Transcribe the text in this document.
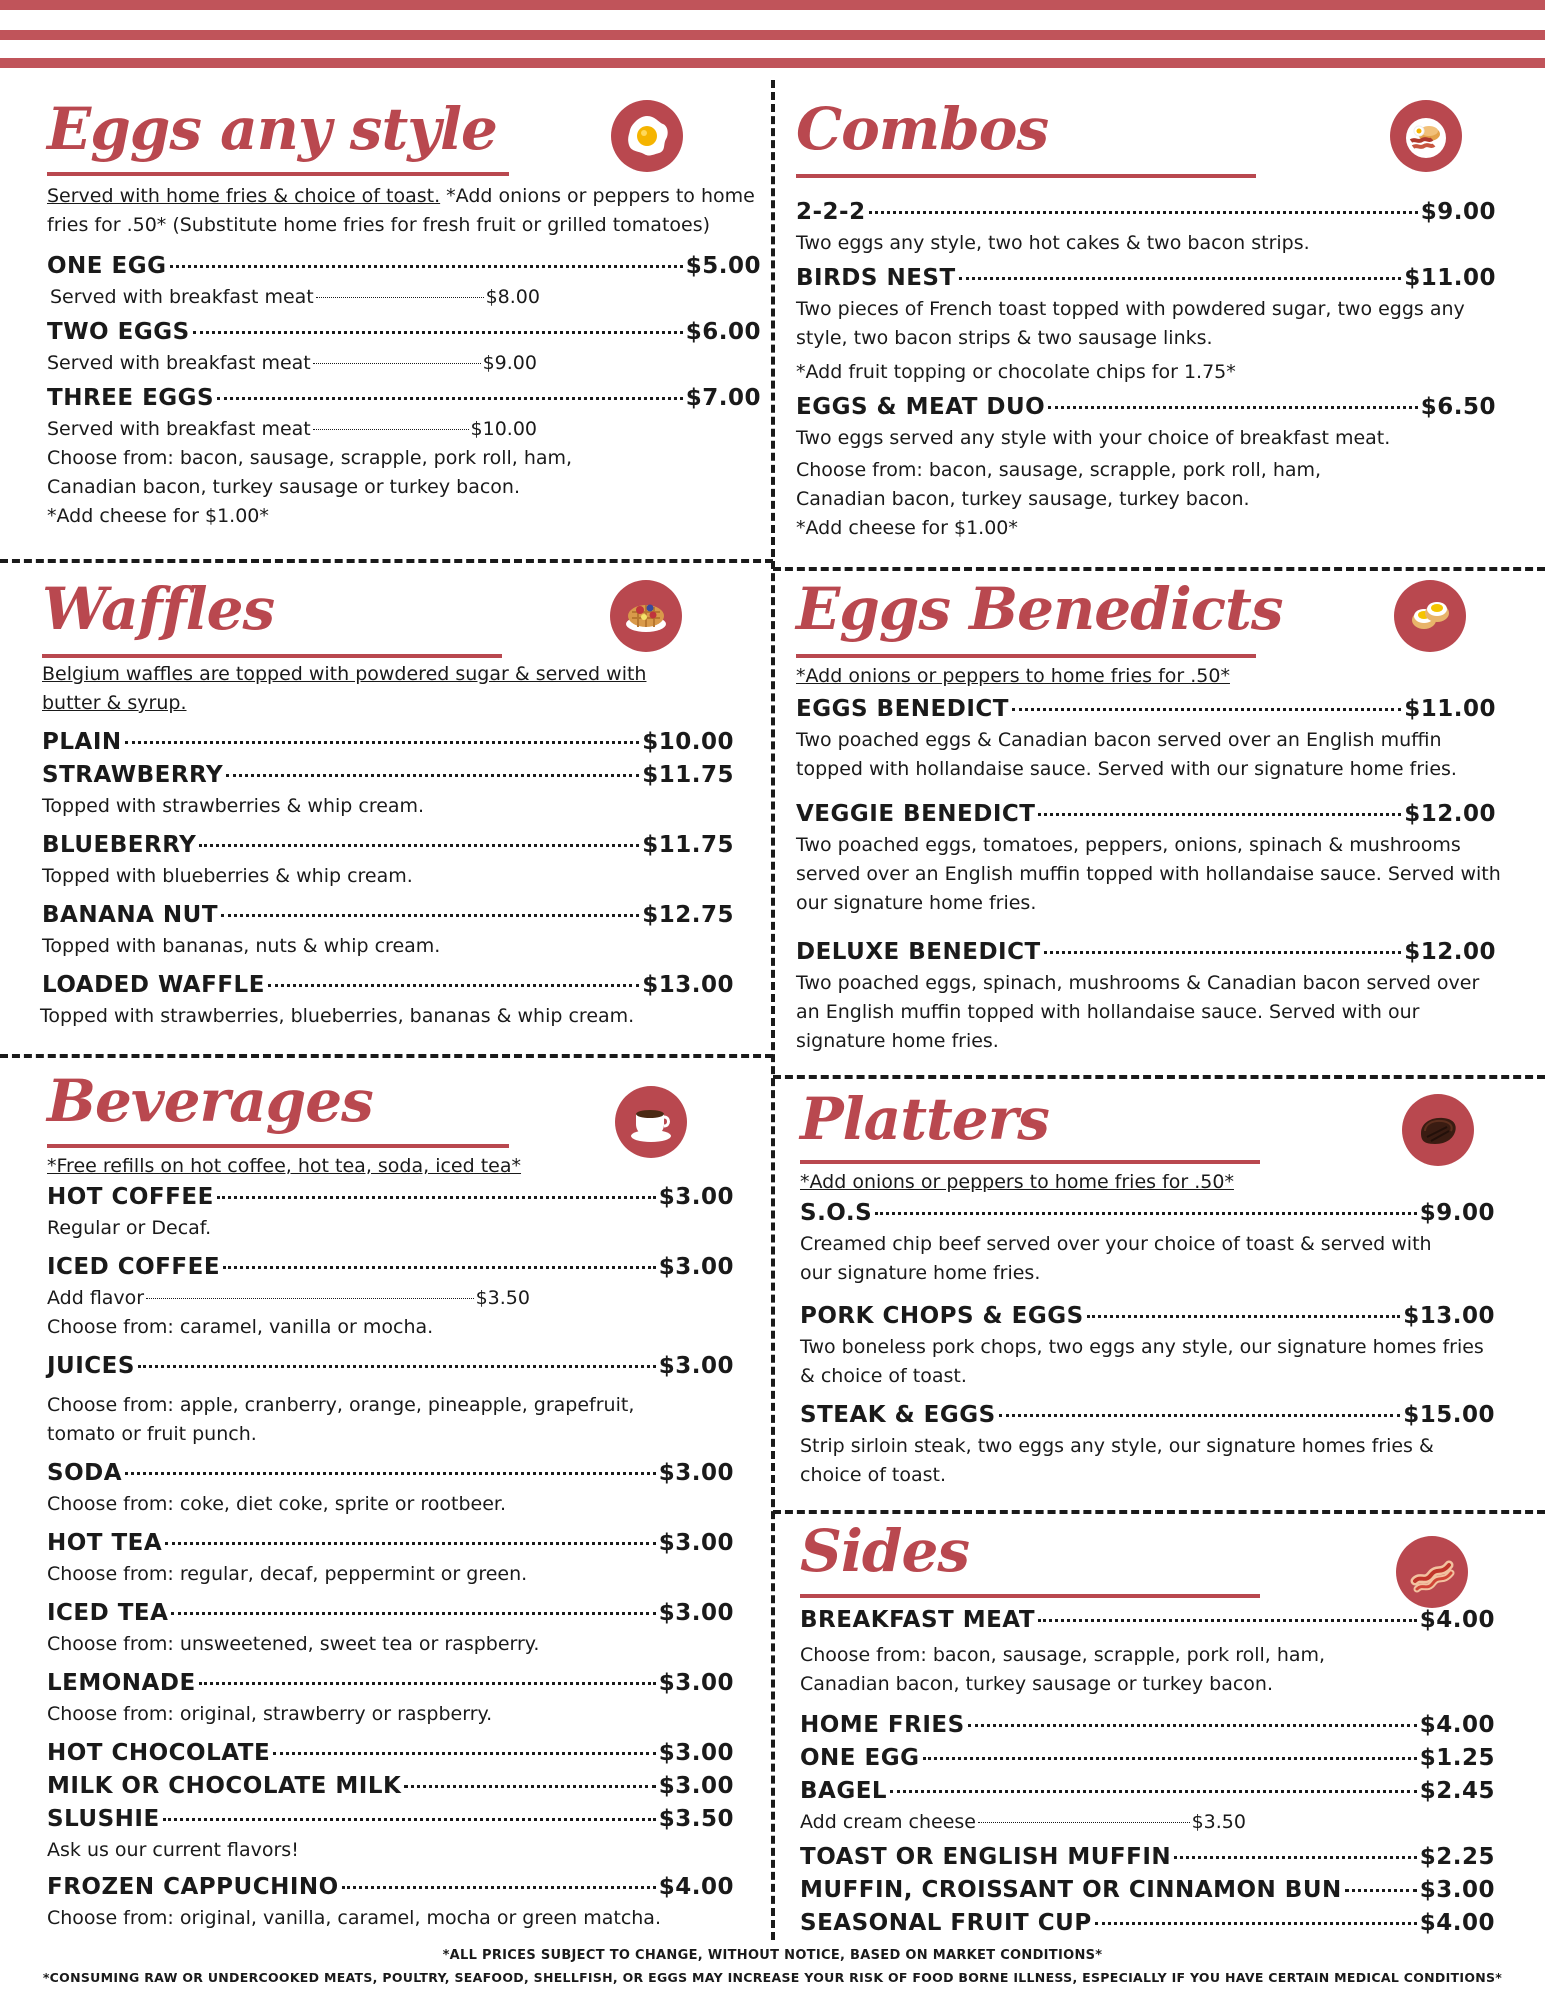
Eggs any style

Served with home fries & choice of toast. *Add onions or peppers to home fries for .50* (Substitute home fries for fresh fruit or grilled tomatoes)

ONE EGG	$5.00
Served with breakfast meat	$8.00
TWO EGGS	$6.00
Served with breakfast meat	$9.00
THREE EGGS	$7.00
Served with breakfast meat	$10.00

Choose from: bacon, sausage, scrapple, pork roll, ham, Canadian bacon, turkey sausage or turkey bacon.

*Add cheese for $1.00*

Combos
2-2-2	$9.00

Two eggs any style, two hot cakes & two bacon strips.

BIRDS NEST	$11.00

Two pieces of French toast topped with powdered sugar, two eggs any style, two bacon strips & two sausage links.

*Add fruit topping or chocolate chips for 1.75*

EGGS & MEAT DUO	$6.50

Two eggs served any style with your choice of breakfast meat.

Choose from: bacon, sausage, scrapple, pork roll, ham, Canadian bacon, turkey sausage, turkey bacon.

*Add cheese for $1.00*

Waffles

Belgium waffles are topped with powdered sugar & served with butter & syrup.

PLAIN	$10.00
STRAWBERRY	$11.75

Topped with strawberries & whip cream.

BLUEBERRY	$11.75

Topped with blueberries & whip cream.

BANANA NUT	$12.75

Topped with bananas, nuts & whip cream.

LOADED WAFFLE	$13.00

Topped with strawberries, blueberries, bananas & whip cream.

Eggs Benedicts

*Add onions or peppers to home fries for .50*

EGGS BENEDICT	$11.00

Two poached eggs & Canadian bacon served over an English muffin topped with hollandaise sauce. Served with our signature home fries.

VEGGIE BENEDICT	$12.00

Two poached eggs, tomatoes, peppers, onions, spinach & mushrooms served over an English muffin topped with hollandaise sauce. Served with our signature home fries.

DELUXE BENEDICT	$12.00

Two poached eggs, spinach, mushrooms & Canadian bacon served over an English muffin topped with hollandaise sauce. Served with our signature home fries.

Beverages

*Free refills on hot coffee, hot tea, soda, iced tea*

HOT COFFEE	$3.00

Regular or Decaf.

ICED COFFEE	$3.00
Add flavor	$3.50

Choose from: caramel, vanilla or mocha.

JUICES	$3.00

Choose from: apple, cranberry, orange, pineapple, grapefruit, tomato or fruit punch.

SODA	$3.00

Choose from: coke, diet coke, sprite or rootbeer.

HOT TEA	$3.00

Choose from: regular, decaf, peppermint or green.

ICED TEA	$3.00

Choose from: unsweetened, sweet tea or raspberry.

LEMONADE	$3.00

Choose from: original, strawberry or raspberry.

HOT CHOCOLATE	$3.00
MILK OR CHOCOLATE MILK	$3.00
SLUSHIE	$3.50

Ask us our current flavors!

FROZEN CAPPUCHINO	$4.00

Choose from: original, vanilla, caramel, mocha or green matcha.

Platters

*Add onions or peppers to home fries for .50*

S.O.S	$9.00

Creamed chip beef served over your choice of toast & served with our signature home fries.

PORK CHOPS & EGGS	$13.00

Two boneless pork chops, two eggs any style, our signature homes fries & choice of toast.

STEAK & EGGS	$15.00

Strip sirloin steak, two eggs any style, our signature homes fries & choice of toast.

Sides
BREAKFAST MEAT	$4.00

Choose from: bacon, sausage, scrapple, pork roll, ham, Canadian bacon, turkey sausage or turkey bacon.

HOME FRIES	$4.00
ONE EGG	$1.25
BAGEL	$2.45
Add cream cheese	$3.50
TOAST OR ENGLISH MUFFIN	$2.25
MUFFIN, CROISSANT OR CINNAMON BUN	$3.00
SEASONAL FRUIT CUP	$4.00
*ALL PRICES SUBJECT TO CHANGE, WITHOUT NOTICE, BASED ON MARKET CONDITIONS*
*CONSUMING RAW OR UNDERCOOKED MEATS, POULTRY, SEAFOOD, SHELLFISH, OR EGGS MAY INCREASE YOUR RISK OF FOOD BORNE ILLNESS, ESPECIALLY IF YOU HAVE CERTAIN MEDICAL CONDITIONS*
